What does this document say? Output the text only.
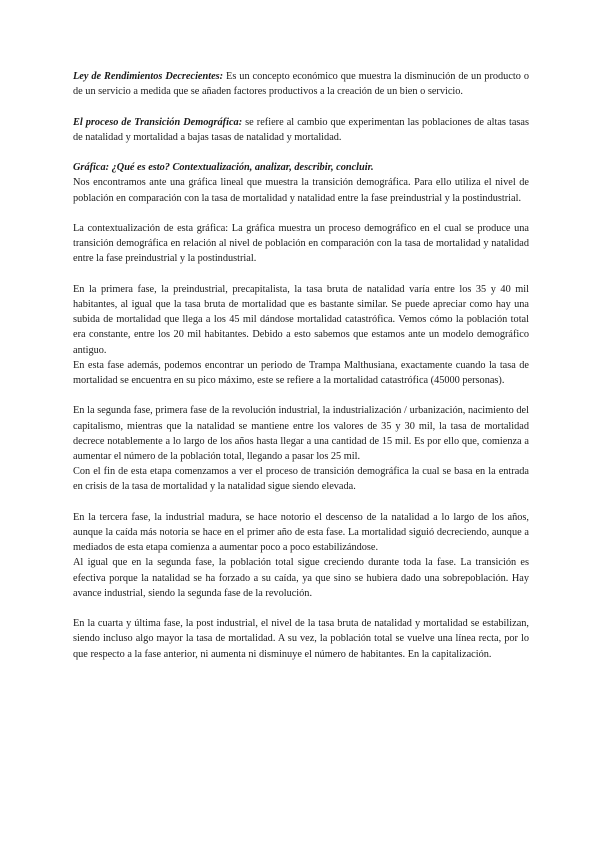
Ley de Rendimientos Decrecientes: Es un concepto económico que muestra la disminución de un producto o de un servicio a medida que se añaden factores productivos a la creación de un bien o servicio.

El proceso de Transición Demográfica: se refiere al cambio que experimentan las poblaciones de altas tasas de natalidad y mortalidad a bajas tasas de natalidad y mortalidad.

Gráfica: ¿Qué es esto? Contextualización, analizar, describir, concluir.

Nos encontramos ante una gráfica lineal que muestra la transición demográfica. Para ello utiliza el nivel de población en comparación con la tasa de mortalidad y natalidad entre la fase preindustrial y la postindustrial.

La contextualización de esta gráfica: La gráfica muestra un proceso demográfico en el cual se produce una transición demográfica en relación al nivel de población en comparación con la tasa de mortalidad y natalidad entre la fase preindustrial y la postindustrial.

En la primera fase, la preindustrial, precapitalista, la tasa bruta de natalidad varía entre los 35 y 40 mil habitantes, al igual que la tasa bruta de mortalidad que es bastante similar. Se puede apreciar como hay una subida de mortalidad que llega a los 45 mil dándose mortalidad catastrófica. Vemos cómo la población total era constante, entre los 20 mil habitantes. Debido a esto sabemos que estamos ante un modelo demográfico antiguo.

En esta fase además, podemos encontrar un periodo de Trampa Malthusiana, exactamente cuando la tasa de mortalidad se encuentra en su pico máximo, este se refiere a la mortalidad catastrófica (45000 personas).

En la segunda fase, primera fase de la revolución industrial, la industrialización / urbanización, nacimiento del capitalismo, mientras que la natalidad se mantiene entre los valores de 35 y 30 mil, la tasa de mortalidad decrece notablemente a lo largo de los años hasta llegar a una cantidad de 15 mil. Es por ello que, comienza a aumentar el número de la población total, llegando a pasar los 25 mil.

Con el fin de esta etapa comenzamos a ver el proceso de transición demográfica la cual se basa en la entrada en crisis de la tasa de mortalidad y la natalidad sigue siendo elevada.

En la tercera fase, la industrial madura, se hace notorio el descenso de la natalidad a lo largo de los años, aunque la caída más notoria se hace en el primer año de esta fase. La mortalidad siguió decreciendo, aunque a mediados de esta etapa comienza a aumentar poco a poco estabilizándose.

Al igual que en la segunda fase, la población total sigue creciendo durante toda la fase. La transición es efectiva porque la natalidad se ha forzado a su caída, ya que sino se hubiera dado una sobrepoblación. Hay avance industrial, siendo la segunda fase de la revolución.

En la cuarta y última fase, la post industrial, el nivel de la tasa bruta de natalidad y mortalidad se estabilizan, siendo incluso algo mayor la tasa de mortalidad. A su vez, la población total se vuelve una línea recta, por lo que respecto a la fase anterior, ni aumenta ni disminuye el número de habitantes. En la capitalización.
